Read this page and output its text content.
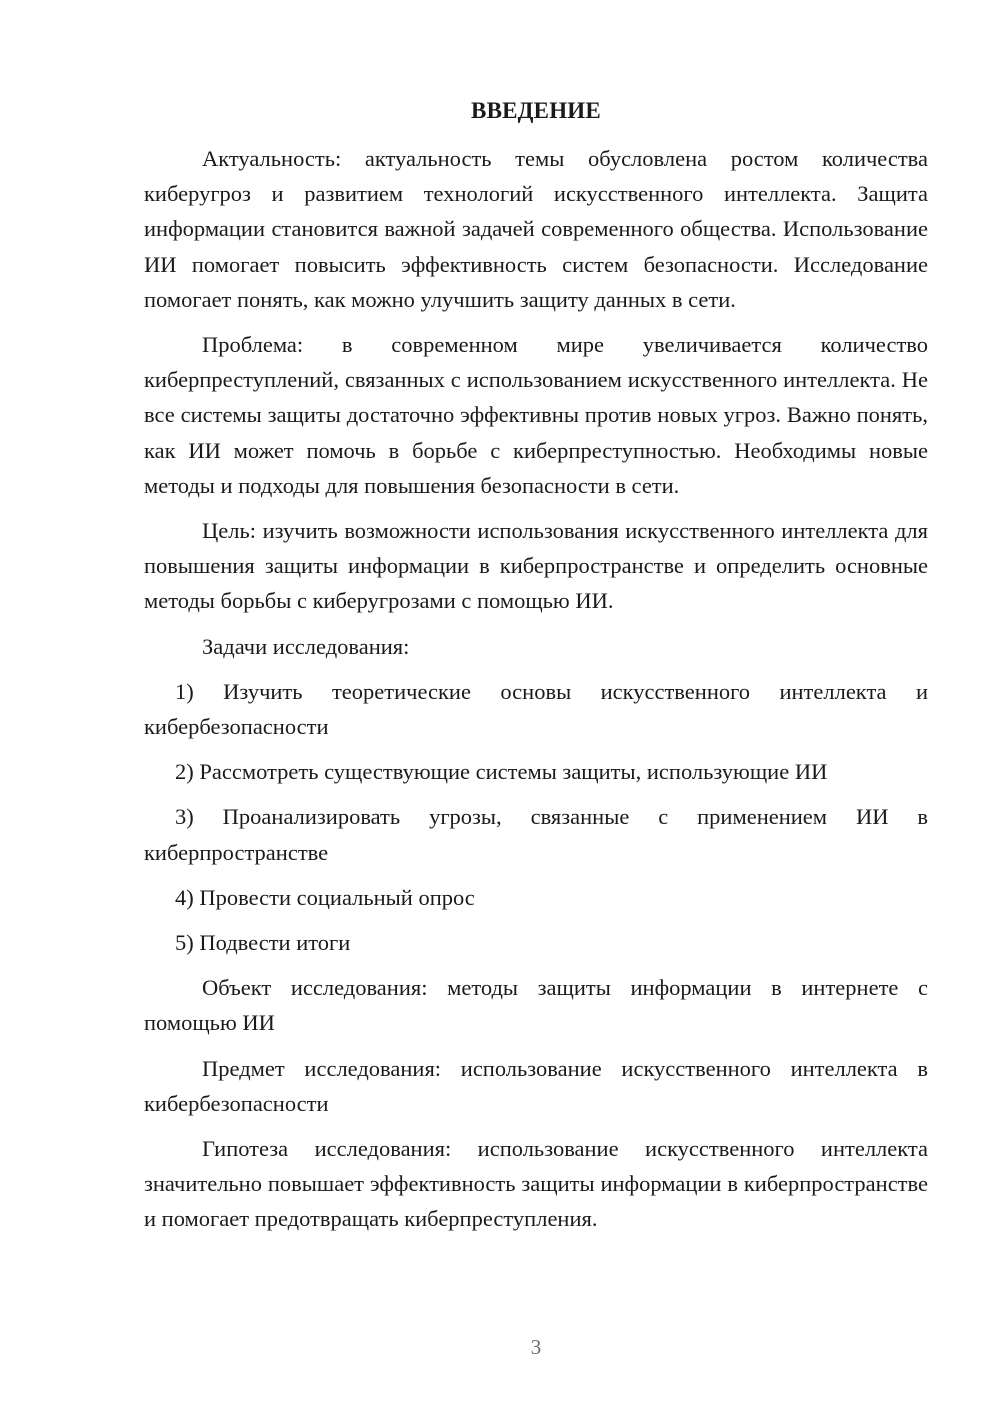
ВВЕДЕНИЕ

Актуальность: актуальность темы обусловлена ростом количества киберугроз и развитием технологий искусственного интеллекта. Защита информации становится важной задачей современного общества. Использование ИИ помогает повысить эффективность систем безопасности. Исследование помогает понять, как можно улучшить защиту данных в сети.

Проблема: в современном мире увеличивается количество киберпреступлений, связанных с использованием искусственного интеллекта. Не все системы защиты достаточно эффективны против новых угроз. Важно понять, как ИИ может помочь в борьбе с киберпреступностью. Необходимы новые методы и подходы для повышения безопасности в сети.

Цель: изучить возможности использования искусственного интеллекта для повышения защиты информации в киберпространстве и определить основные методы борьбы с киберугрозами с помощью ИИ.

Задачи исследования:

1) Изучить теоретические основы искусственного интеллекта и кибербезопасности

2) Рассмотреть существующие системы защиты, использующие ИИ

3) Проанализировать угрозы, связанные с применением ИИ в киберпространстве

4) Провести социальный опрос

5) Подвести итоги

Объект исследования: методы защиты информации в интернете с помощью ИИ

Предмет исследования: использование искусственного интеллекта в кибербезопасности

Гипотеза исследования: использование искусственного интеллекта значительно повышает эффективность защиты информации в киберпространстве и помогает предотвращать киберпреступления.

3
